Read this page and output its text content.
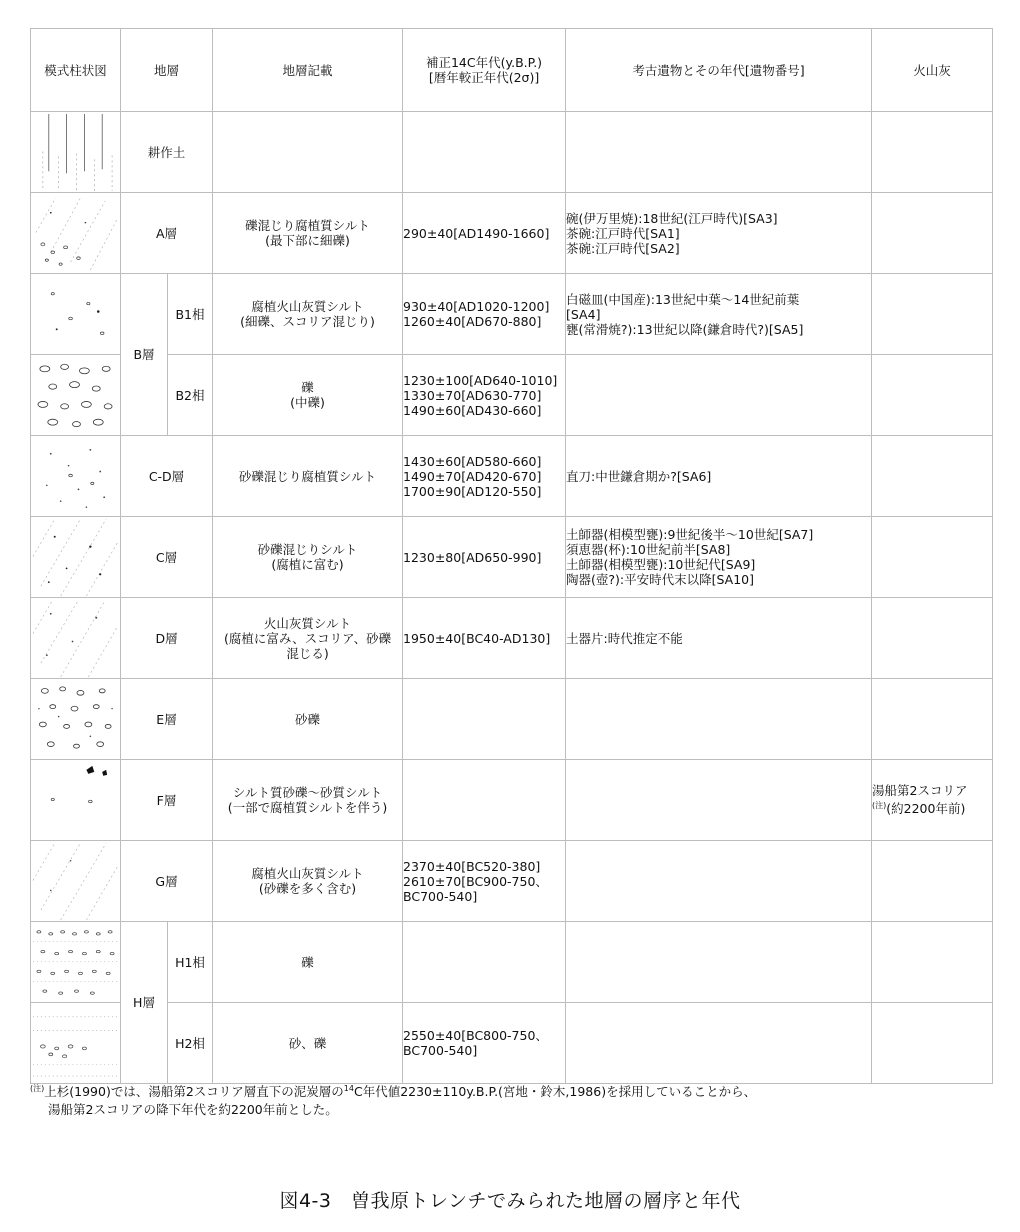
模式柱状図	地層		地層記載	補正14C年代(y.B.P.)
[暦年較正年代(2σ)]	考古遺物とその年代[遺物番号]	火山灰

	耕作土					

	A層		礫混じり腐植質シルト
(最下部に細礫)	290±40[AD1490-1660]	碗(伊万里焼):18世紀(江戸時代)[SA3]
茶碗:江戸時代[SA1]
茶碗:江戸時代[SA2]	

	B層	B1相	腐植火山灰質シルト
(細礫、スコリア混じり)	930±40[AD1020-1200]
1260±40[AD670-880]	白磁皿(中国産):13世紀中葉～14世紀前葉
[SA4]
甕(常滑焼?):13世紀以降(鎌倉時代?)[SA5]	

	B2相	礫
(中礫)	1230±100[AD640-1010]
1330±70[AD630-770]
1490±60[AD430-660]		

	C-D層		砂礫混じり腐植質シルト	1430±60[AD580-660]
1490±70[AD420-670]
1700±90[AD120-550]	直刀:中世鎌倉期か?[SA6]	

	C層		砂礫混じりシルト
(腐植に富む)	1230±80[AD650-990]	土師器(相模型甕):9世紀後半～10世紀[SA7]
須恵器(杯):10世紀前半[SA8]
土師器(相模型甕):10世紀代[SA9]
陶器(壺?):平安時代末以降[SA10]	

	D層		火山灰質シルト
(腐植に富み、スコリア、砂礫
混じる)	1950±40[BC40-AD130]	土器片:時代推定不能	

	E層		砂礫			

	F層		シルト質砂礫～砂質シルト
(一部で腐植質シルトを伴う)			湯船第2スコリア
$^{(注)}$(約2200年前)

	G層		腐植火山灰質シルト
(砂礫を多く含む)	2370±40[BC520-380]
2610±70[BC900-750、
BC700-540]		

	H層	H1相	礫			

	H2相	砂、礫	2550±40[BC800-750、
BC700-540]		

$^{(注)}$上杉(1990)では、湯船第2スコリア層直下の泥炭層の$^{14}$C年代値2230±110y.B.P.(宮地・鈴木,1986)を採用していることから、
湯船第2スコリアの降下年代を約2200年前とした。
図4-3　曽我原トレンチでみられた地層の層序と年代
